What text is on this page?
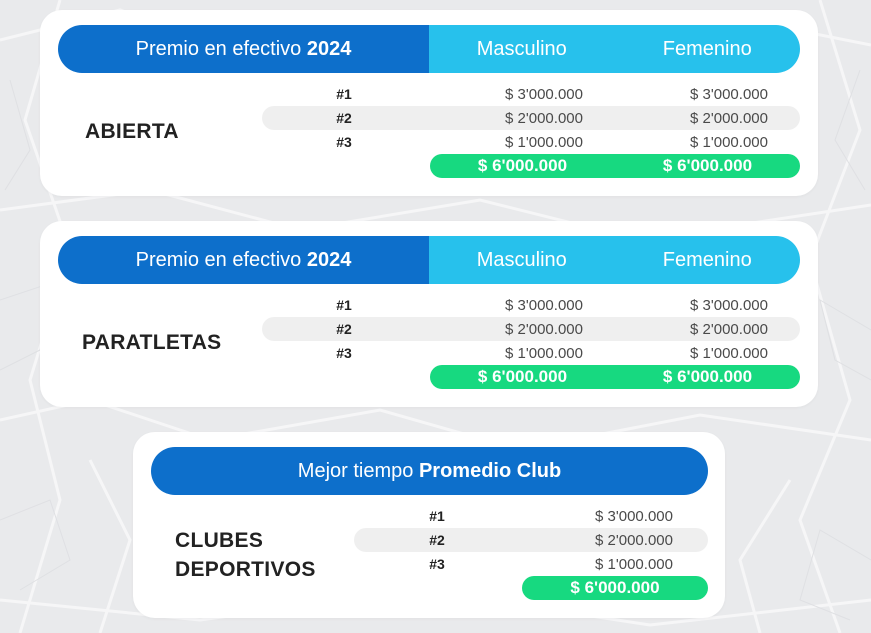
Premio en efectivo 2024	Masculino	Femenino
ABIERTA
#1	$ 3'000.000	$ 3'000.000
#2	$ 2'000.000	$ 2'000.000
#3	$ 1'000.000	$ 1'000.000
$ 6'000.000	$ 6'000.000
Premio en efectivo 2024	Masculino	Femenino
PARATLETAS
#1	$ 3'000.000	$ 3'000.000
#2	$ 2'000.000	$ 2'000.000
#3	$ 1'000.000	$ 1'000.000
$ 6'000.000	$ 6'000.000
Mejor tiempo Promedio Club
CLUBES
DEPORTIVOS
#1	$ 3'000.000
#2	$ 2'000.000
#3	$ 1'000.000
$ 6'000.000
